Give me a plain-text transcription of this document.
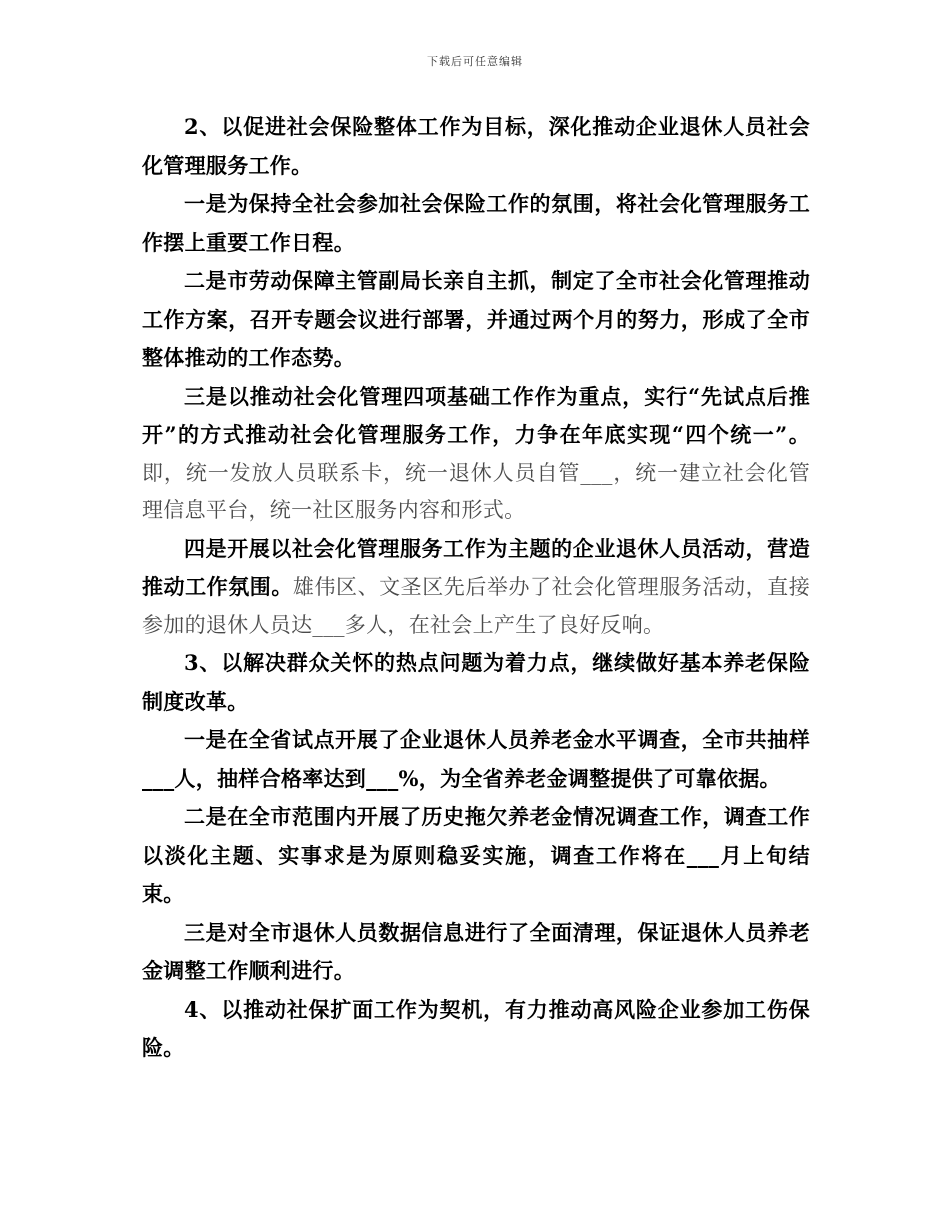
下载后可任意编辑

2、以促进社会保险整体工作为目标，深化推动企业退休人员社会化管理服务工作。

一是为保持全社会参加社会保险工作的氛围，将社会化管理服务工作摆上重要工作日程。

二是市劳动保障主管副局长亲自主抓，制定了全市社会化管理推动工作方案，召开专题会议进行部署，并通过两个月的努力，形成了全市整体推动的工作态势。

三是以推动社会化管理四项基础工作作为重点，实行“先试点后推开”的方式推动社会化管理服务工作，力争在年底实现“四个统一”。即，统一发放人员联系卡，统一退休人员自管___，统一建立社会化管理信息平台，统一社区服务内容和形式。

四是开展以社会化管理服务工作为主题的企业退休人员活动，营造推动工作氛围。雄伟区、文圣区先后举办了社会化管理服务活动，直接参加的退休人员达___多人，在社会上产生了良好反响。

3、以解决群众关怀的热点问题为着力点，继续做好基本养老保险制度改革。

一是在全省试点开展了企业退休人员养老金水平调查，全市共抽样___人，抽样合格率达到___%，为全省养老金调整提供了可靠依据。

二是在全市范围内开展了历史拖欠养老金情况调查工作，调查工作以淡化主题、实事求是为原则稳妥实施，调查工作将在___月上旬结束。

三是对全市退休人员数据信息进行了全面清理，保证退休人员养老金调整工作顺利进行。

4、以推动社保扩面工作为契机，有力推动高风险企业参加工伤保险。
